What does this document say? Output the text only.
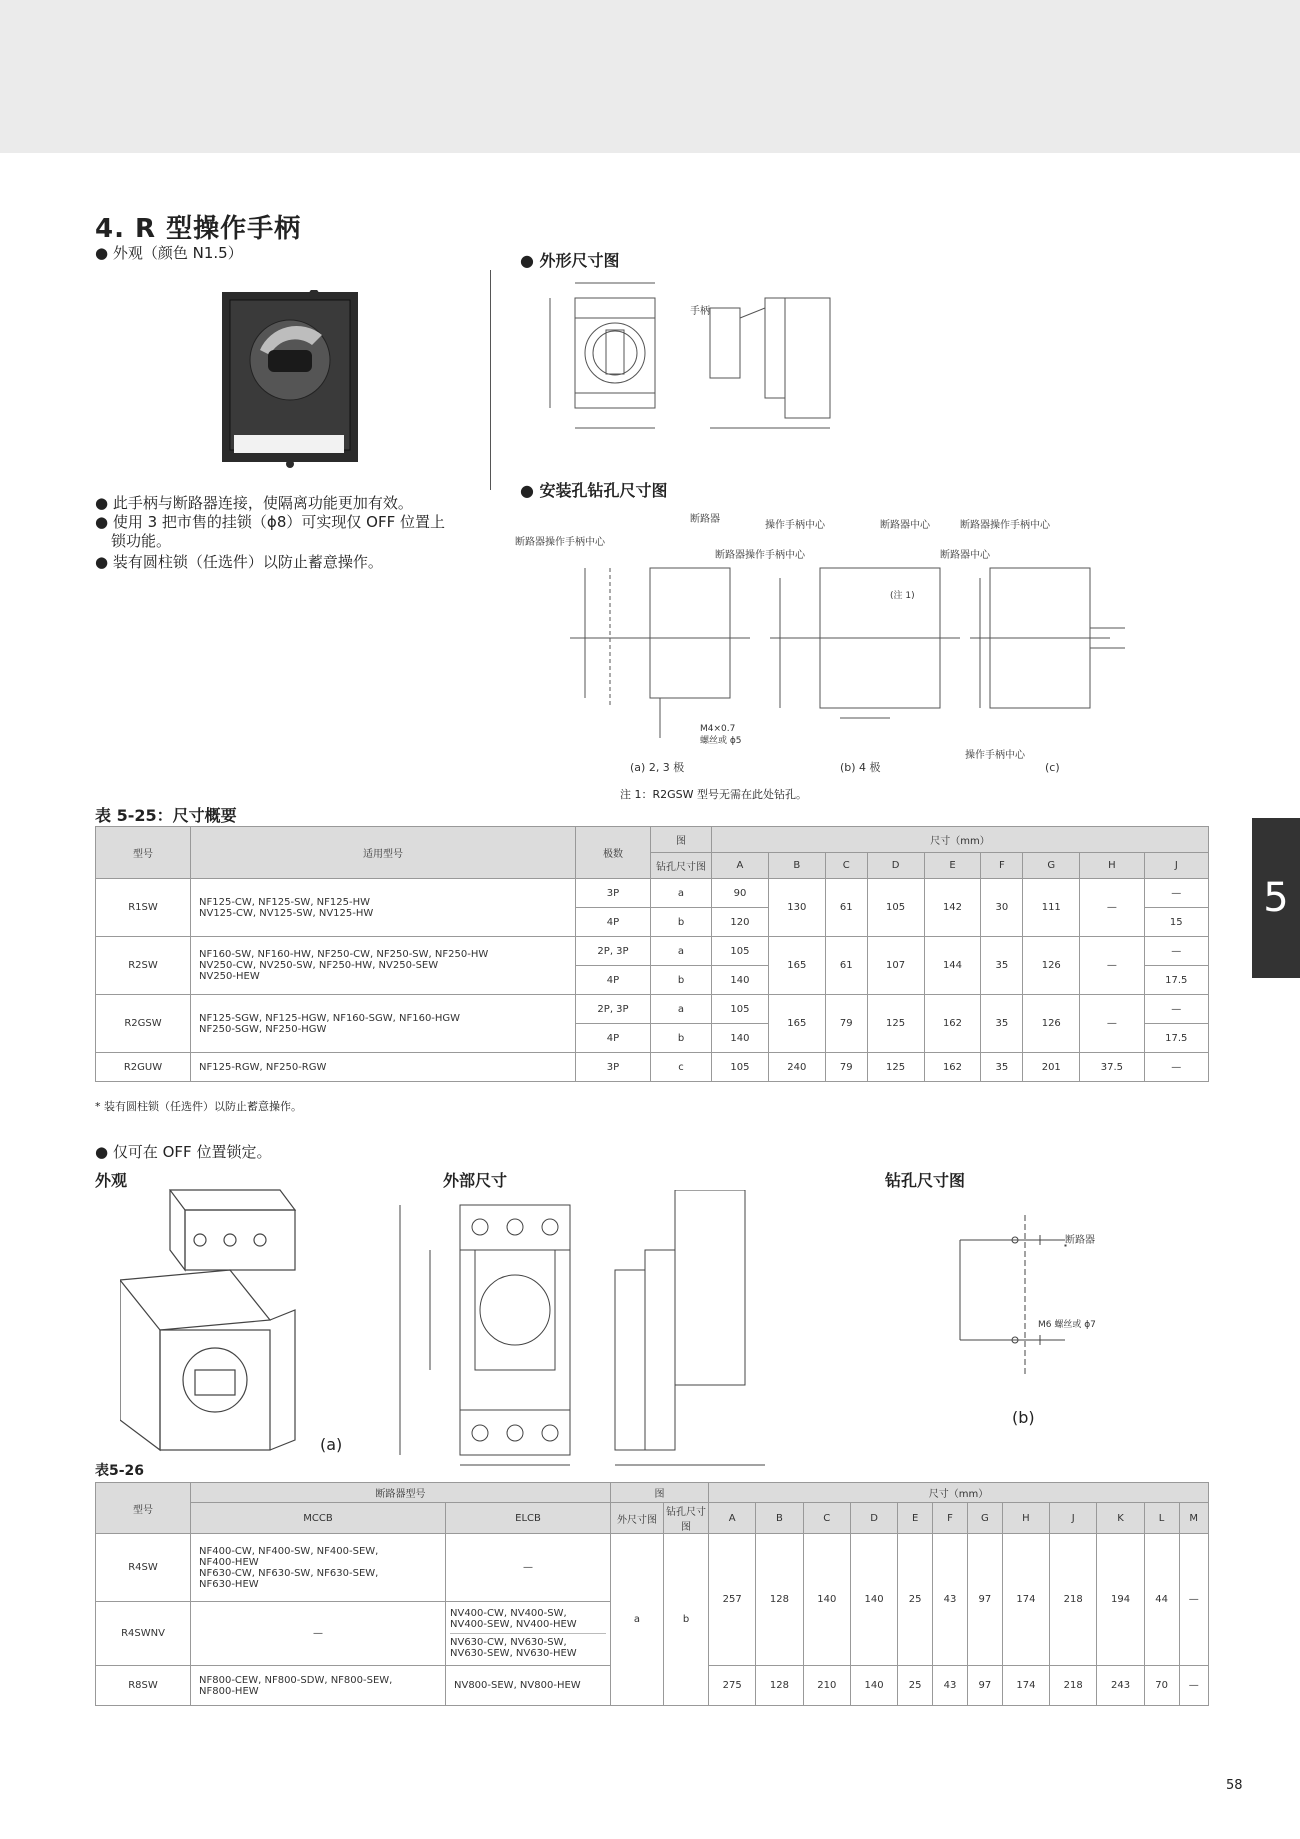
4. R 型操作手柄
● 外观（颜色 N1.5）
● 此手柄与断路器连接，使隔离功能更加有效。
● 使用 3 把市售的挂锁（ϕ8）可实现仅 OFF 位置上
锁功能。
● 装有圆柱锁（任选件）以防止蓄意操作。
● 外形尺寸图
手柄
● 安装孔钻孔尺寸图
断路器
断路器操作手柄中心
操作手柄中心	断路器中心	断路器操作手柄中心
断路器操作手柄中心	断路器中心
(注 1)
M4×0.7
螺丝或 ϕ5
操作手柄中心
(a) 2, 3 极	(b) 4 极	(c)
注 1：R2GSW 型号无需在此处钻孔。
表 5-25：尺寸概要
型号	适用型号	极数	图	尺寸（mm）								
			钻孔尺寸图	A	B	C	D	E	F	G	H	J
R1SW	NF125-CW, NF125-SW, NF125-HW
NV125-CW, NV125-SW, NV125-HW	3P	a	90	130	61	105	142	30	111	—	—
		4P	b	120								15
R2SW	NF160-SW, NF160-HW, NF250-CW, NF250-SW, NF250-HW
NV250-CW, NV250-SW, NF250-HW, NV250-SEW
NV250-HEW	2P, 3P	a	105	165	61	107	144	35	126	—	—
		4P	b	140								17.5
R2GSW	NF125-SGW, NF125-HGW, NF160-SGW, NF160-HGW
NF250-SGW, NF250-HGW	2P, 3P	a	105	165	79	125	162	35	126	—	—
		4P	b	140								17.5
R2GUW	NF125-RGW, NF250-RGW	3P	c	105	240	79	125	162	35	201	37.5	—
* 装有圆柱锁（任选件）以防止蓄意操作。
5
● 仅可在 OFF 位置锁定。
外观	外部尺寸	钻孔尺寸图
(a)
断路器
M6 螺丝或 ϕ7
(b)
表5-26
型号	断路器型号		图		尺寸（mm）											
	MCCB	ELCB	外尺寸图	钻孔尺寸图	A	B	C	D	E	F	G	H	J	K	L	M
R4SW	NF400-CW, NF400-SW, NF400-SEW,
NF400-HEW
NF630-CW, NF630-SW, NF630-SEW,
NF630-HEW	—	a	b	257	128	140	140	25	43	97	174	218	194	44	—
R4SWNV	—	NV400-CW, NV400-SW,
NV400-SEW, NV400-HEW
NV630-CW, NV630-SW,
NV630-SEW, NV630-HEW														

R8SW	NF800-CEW, NF800-SDW, NF800-SEW,
NF800-HEW	NV800-SEW, NV800-HEW			275	128	210	140	25	43	97	174	218	243	70	—
58
